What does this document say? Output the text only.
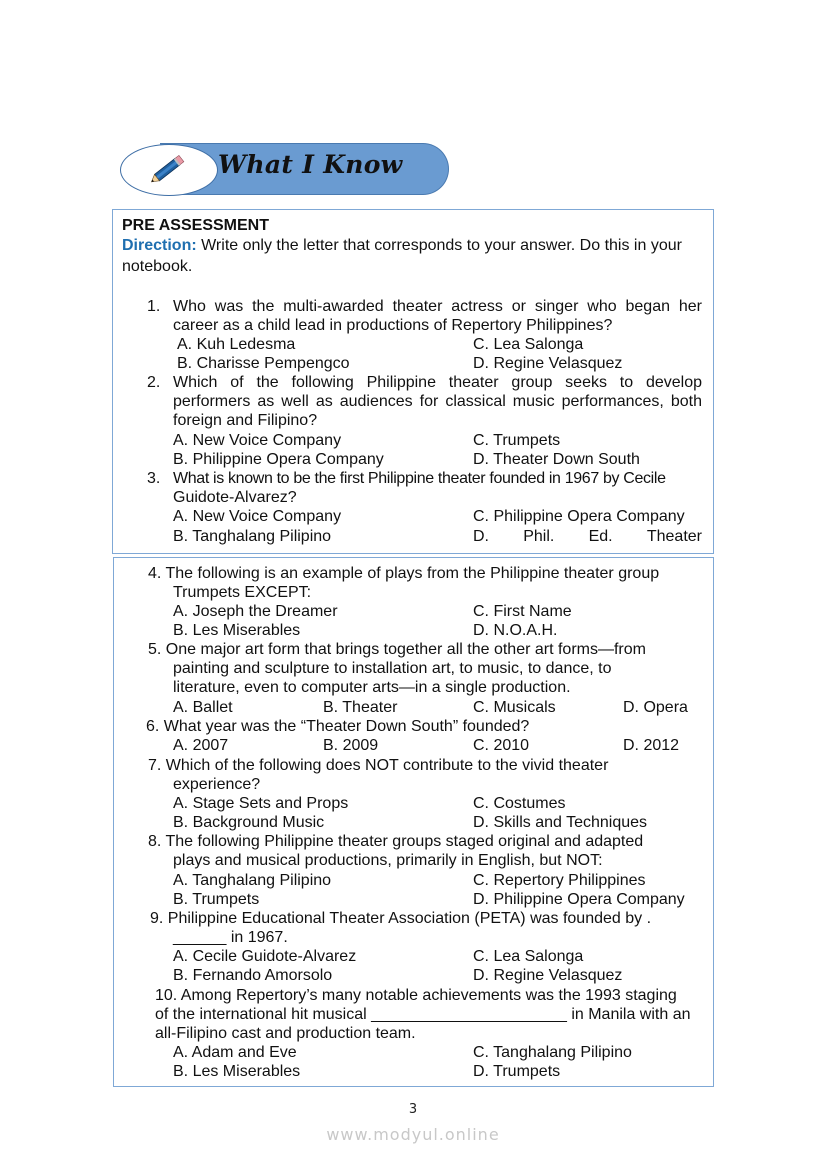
What I Know
PRE ASSESSMENT
Direction: Write only the letter that corresponds to your answer. Do this in your
notebook.
1. Who was the multi-awarded theater actress or singer who began her
career as a child lead in productions of Repertory Philippines?
A. Kuh Ledesma	C. Lea Salonga
B. Charisse Pempengco	D. Regine Velasquez
2. Which of the following Philippine theater group seeks to develop
performers as well as audiences for classical music performances, both
foreign and Filipino?
A. New Voice Company	C. Trumpets
B. Philippine Opera Company	D. Theater Down South
3. What is known to be the first Philippine theater founded in 1967 by Cecile
Guidote-Alvarez?
A. New Voice Company	C. Philippine Opera Company
B. Tanghalang Pilipino	D. Phil. Ed. Theater
4. The following is an example of plays from the Philippine theater group
Trumpets EXCEPT:
A. Joseph the Dreamer	C. First Name
B. Les Miserables	D. N.O.A.H.
5. One major art form that brings together all the other art forms—from
painting and sculpture to installation art, to music, to dance, to
literature, even to computer arts—in a single production.
A. Ballet	B. Theater	C. Musicals	D. Opera
6. What year was the “Theater Down South” founded?
A. 2007	B. 2009	C. 2010	D. 2012
7. Which of the following does NOT contribute to the vivid theater
experience?
A. Stage Sets and Props	C. Costumes
B. Background Music	D. Skills and Techniques
8. The following Philippine theater groups staged original and adapted
plays and musical productions, primarily in English, but NOT:
A. Tanghalang Pilipino	C. Repertory Philippines
B. Trumpets	D. Philippine Opera Company
9. Philippine Educational Theater Association (PETA) was founded by .
______ in 1967.
A. Cecile Guidote-Alvarez	C. Lea Salonga
B. Fernando Amorsolo	D. Regine Velasquez
10. Among Repertory’s many notable achievements was the 1993 staging
of the international hit musical ______________________ in Manila with an
all-Filipino cast and production team.
A. Adam and Eve	C. Tanghalang Pilipino
B. Les Miserables	D. Trumpets
3
www.modyul.online
